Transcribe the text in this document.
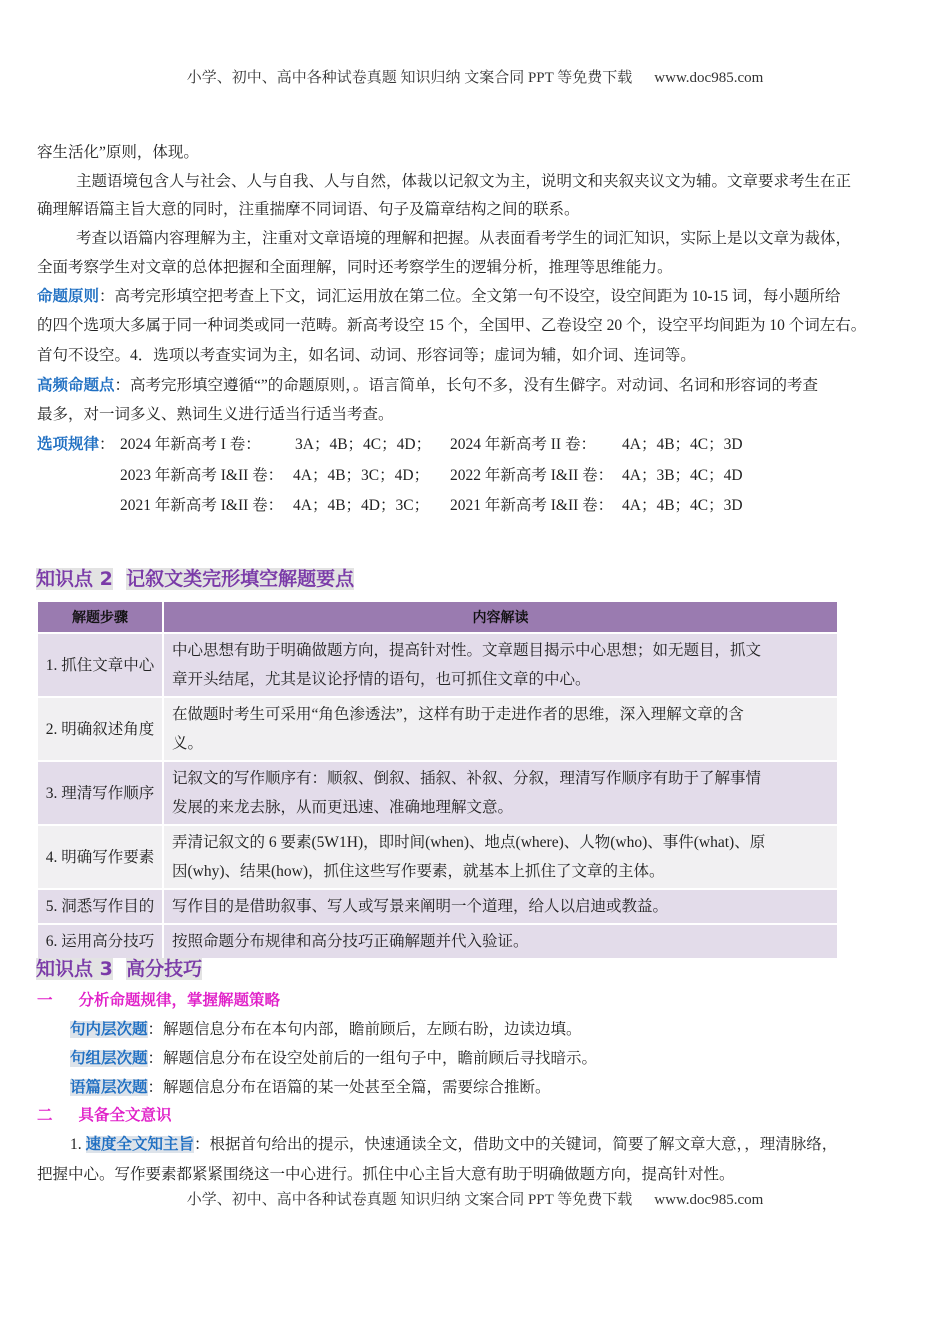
小学、初中、高中各种试卷真题 知识归纳 文案合同 PPT 等免费下载 www.doc985.com
容生活化”原则，体现。
主题语境包含人与社会、人与自我、人与自然，体裁以记叙文为主，说明文和夹叙夹议文为辅。文章要求考生在正
确理解语篇主旨大意的同时，注重揣摩不同词语、句子及篇章结构之间的联系。
考查以语篇内容理解为主，注重对文章语境的理解和把握。从表面看考学生的词汇知识，实际上是以文章为裁体，
全面考察学生对文章的总体把握和全面理解，同时还考察学生的逻辑分析，推理等思维能力。
命题原则：高考完形填空把考查上下文，词汇运用放在第二位。全文第一句不设空，设空间距为 10-15 词，每小题所给
的四个选项大多属于同一种词类或同一范畴。新高考设空 15 个，全国甲、乙卷设空 20 个，设空平均间距为 10 个词左右。
首句不设空。4．选项以考查实词为主，如名词、动词、形容词等；虚词为辅，如介词、连词等。
高频命题点：高考完形填空遵循“”的命题原则，。语言简单，长句不多，没有生僻字。对动词、名词和形容词的考查
最多，对一词多义、熟词生义进行适当行适当考查。
选项规律： 2024 年新高考 I 卷： 3A；4B；4C；4D； 2024 年新高考 II 卷： 4A；4B；4C；3D
2023 年新高考 I&II 卷： 4A；4B；3C；4D； 2022 年新高考 I&II 卷： 4A；3B；4C；4D
2021 年新高考 I&II 卷： 4A；4B；4D；3C； 2021 年新高考 I&II 卷： 4A；4B；4C；3D
知识点 2 记叙文类完形填空解题要点
解题步骤	内容解读
1. 抓住文章中心	中心思想有助于明确做题方向，提高针对性。文章题目揭示中心思想；如无题目，抓文
章开头结尾，尤其是议论抒情的语句，也可抓住文章的中心。

2. 明确叙述角度	在做题时考生可采用“角色渗透法”，这样有助于走进作者的思维，深入理解文章的含
义。

3. 理清写作顺序	记叙文的写作顺序有：顺叙、倒叙、插叙、补叙、分叙，理清写作顺序有助于了解事情
发展的来龙去脉，从而更迅速、准确地理解文意。

4. 明确写作要素	弄清记叙文的 6 要素(5W1H)，即时间(when)、地点(where)、人物(who)、事件(what)、原
因(why)、结果(how)，抓住这些写作要素，就基本上抓住了文章的主体。

5. 洞悉写作目的	写作目的是借助叙事、写人或写景来阐明一个道理，给人以启迪或教益。

6. 运用高分技巧	按照命题分布规律和高分技巧正确解题并代入验证。
知识点 3 高分技巧
一 分析命题规律，掌握解题策略
句内层次题：解题信息分布在本句内部，瞻前顾后，左顾右盼，边读边填。
句组层次题：解题信息分布在设空处前后的一组句子中，瞻前顾后寻找暗示。
语篇层次题：解题信息分布在语篇的某一处甚至全篇，需要综合推断。
二 具备全文意识
1. 速度全文知主旨：根据首句给出的提示，快速通读全文，借助文中的关键词，简要了解文章大意，，理清脉络，
把握中心。写作要素都紧紧围绕这一中心进行。抓住中心主旨大意有助于明确做题方向，提高针对性。
小学、初中、高中各种试卷真题 知识归纳 文案合同 PPT 等免费下载 www.doc985.com
